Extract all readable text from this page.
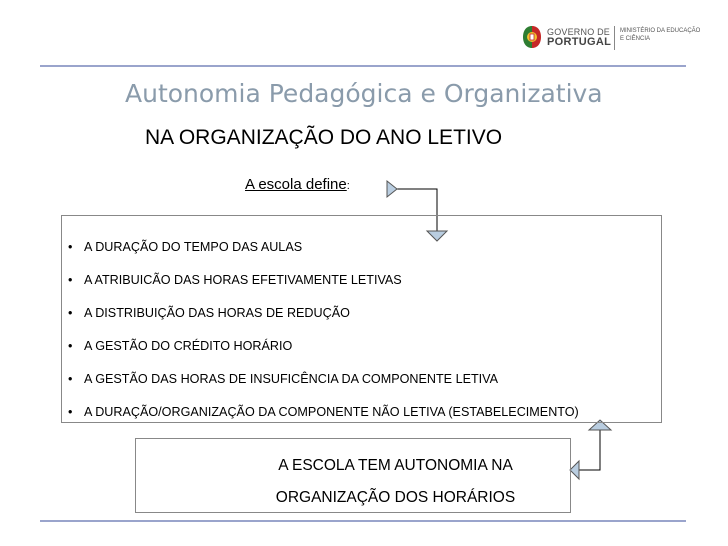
GOVERNO DE
PORTUGAL
MINISTÉRIO DA EDUCAÇÃO
E CIÊNCIA
Autonomia Pedagógica e Organizativa
NA ORGANIZAÇÃO DO ANO LETIVO
A escola define:
• A DURAÇÃO DO TEMPO DAS AULAS
• A ATRIBUICÃO DAS HORAS EFETIVAMENTE LETIVAS
• A DISTRIBUIÇÃO DAS HORAS DE REDUÇÃO
• A GESTÃO DO CRÉDITO HORÁRIO
• A GESTÃO DAS HORAS DE INSUFICÊNCIA DA COMPONENTE LETIVA
• A DURAÇÃO/ORGANIZAÇÃO DA COMPONENTE NÃO LETIVA (ESTABELECIMENTO)
A ESCOLA TEM AUTONOMIA NA
ORGANIZAÇÃO DOS HORÁRIOS
